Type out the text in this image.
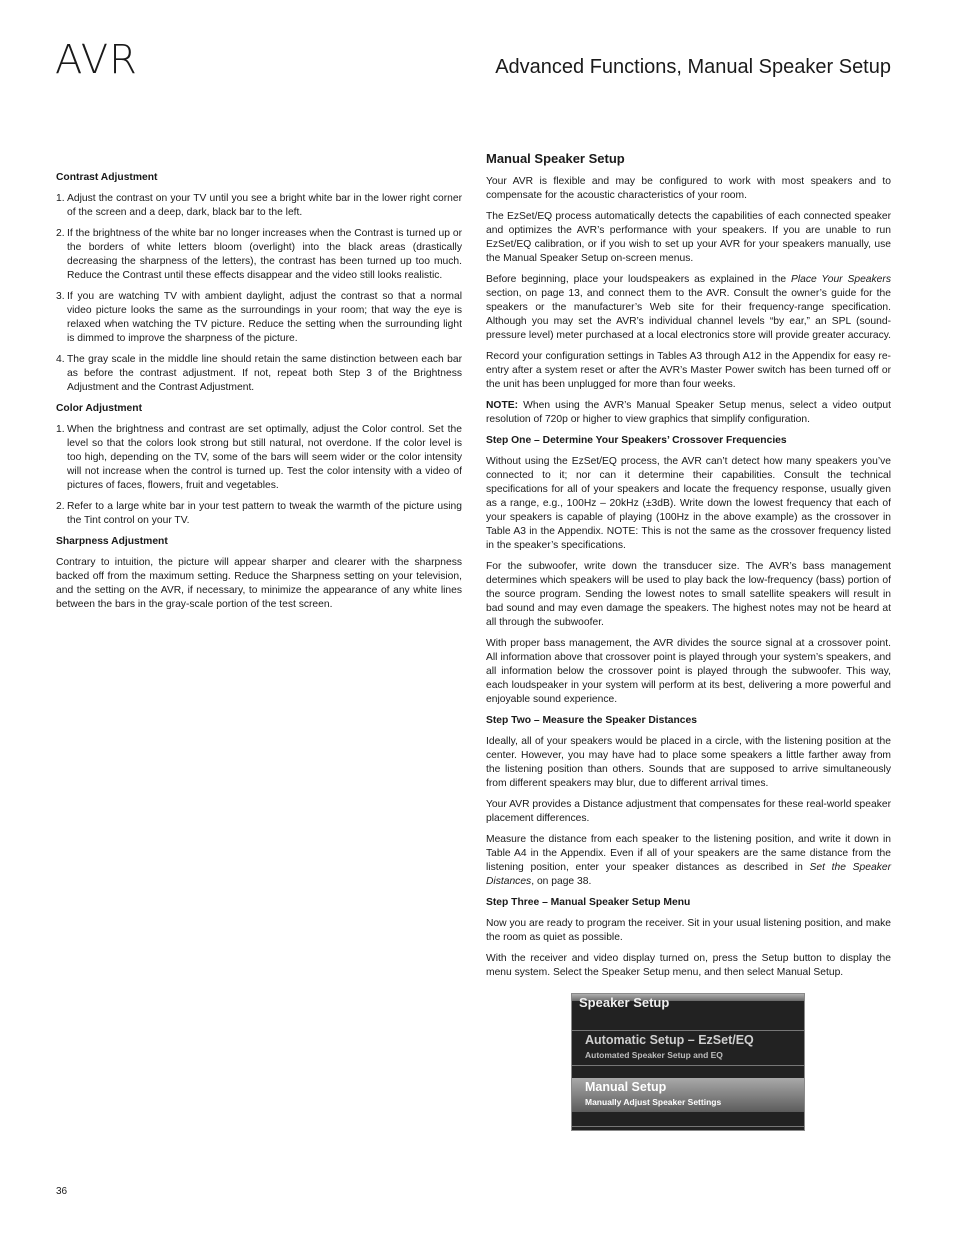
AVR	Advanced Functions, Manual Speaker Setup
Contrast Adjustment
1. Adjust the contrast on your TV until you see a bright white bar in the lower right corner of the screen and a deep, dark, black bar to the left.
2. If the brightness of the white bar no longer increases when the Contrast is turned up or the borders of white letters bloom (overlight) into the black areas (drastically decreasing the sharpness of the letters), the contrast has been turned up too much. Reduce the Contrast until these effects disappear and the video still looks realistic.
3. If you are watching TV with ambient daylight, adjust the contrast so that a normal video picture looks the same as the surroundings in your room; that way the eye is relaxed when watching the TV picture. Reduce the setting when the surrounding light is dimmed to improve the sharpness of the picture.
4. The gray scale in the middle line should retain the same distinction between each bar as before the contrast adjustment. If not, repeat both Step 3 of the Brightness Adjustment and the Contrast Adjustment.
Color Adjustment
1. When the brightness and contrast are set optimally, adjust the Color control. Set the level so that the colors look strong but still natural, not overdone. If the color level is too high, depending on the TV, some of the bars will seem wider or the color intensity will not increase when the control is turned up. Test the color intensity with a video of pictures of faces, flowers, fruit and vegetables.
2. Refer to a large white bar in your test pattern to tweak the warmth of the picture using the Tint control on your TV.
Sharpness Adjustment

Contrary to intuition, the picture will appear sharper and clearer with the sharpness backed off from the maximum setting. Reduce the Sharpness setting on your television, and the setting on the AVR, if necessary, to minimize the appearance of any white lines between the bars in the gray-scale portion of the test screen.

Manual Speaker Setup

Your AVR is flexible and may be configured to work with most speakers and to compensate for the acoustic characteristics of your room.

The EzSet/EQ process automatically detects the capabilities of each connected speaker and optimizes the AVR’s performance with your speakers. If you are unable to run EzSet/EQ calibration, or if you wish to set up your AVR for your speakers manually, use the Manual Speaker Setup on-screen menus.

Before beginning, place your loudspeakers as explained in the Place Your Speakers section, on page 13, and connect them to the AVR. Consult the owner’s guide for the speakers or the manufacturer’s Web site for their frequency-range specification. Although you may set the AVR’s individual channel levels “by ear,” an SPL (sound-pressure level) meter purchased at a local electronics store will provide greater accuracy.

Record your configuration settings in Tables A3 through A12 in the Appendix for easy re-entry after a system reset or after the AVR’s Master Power switch has been turned off or the unit has been unplugged for more than four weeks.

NOTE: When using the AVR’s Manual Speaker Setup menus, select a video output resolution of 720p or higher to view graphics that simplify configuration.

Step One – Determine Your Speakers’ Crossover Frequencies

Without using the EzSet/EQ process, the AVR can’t detect how many speakers you’ve connected to it; nor can it determine their capabilities. Consult the technical specifications for all of your speakers and locate the frequency response, usually given as a range, e.g., 100Hz – 20kHz (±3dB). Write down the lowest frequency that each of your speakers is capable of playing (100Hz in the above example) as the crossover in Table A3 in the Appendix. NOTE: This is not the same as the crossover frequency listed in the speaker’s specifications.

For the subwoofer, write down the transducer size. The AVR’s bass management determines which speakers will be used to play back the low-frequency (bass) portion of the source program. Sending the lowest notes to small satellite speakers will result in bad sound and may even damage the speakers. The highest notes may not be heard at all through the subwoofer.

With proper bass management, the AVR divides the source signal at a crossover point. All information above that crossover point is played through your system’s speakers, and all information below the crossover point is played through the subwoofer. This way, each loudspeaker in your system will perform at its best, delivering a more powerful and enjoyable sound experience.

Step Two – Measure the Speaker Distances

Ideally, all of your speakers would be placed in a circle, with the listening position at the center. However, you may have had to place some speakers a little farther away from the listening position than others. Sounds that are supposed to arrive simultaneously from different speakers may blur, due to different arrival times.

Your AVR provides a Distance adjustment that compensates for these real-world speaker placement differences.

Measure the distance from each speaker to the listening position, and write it down in Table A4 in the Appendix. Even if all of your speakers are the same distance from the listening position, enter your speaker distances as described in Set the Speaker Distances, on page 38.

Step Three – Manual Speaker Setup Menu

Now you are ready to program the receiver. Sit in your usual listening position, and make the room as quiet as possible.

With the receiver and video display turned on, press the Setup button to display the menu system. Select the Speaker Setup menu, and then select Manual Setup.

Speaker Setup
Automatic Setup – EzSet/EQ
Automated Speaker Setup and EQ
Manual Setup
Manually Adjust Speaker Settings
36
